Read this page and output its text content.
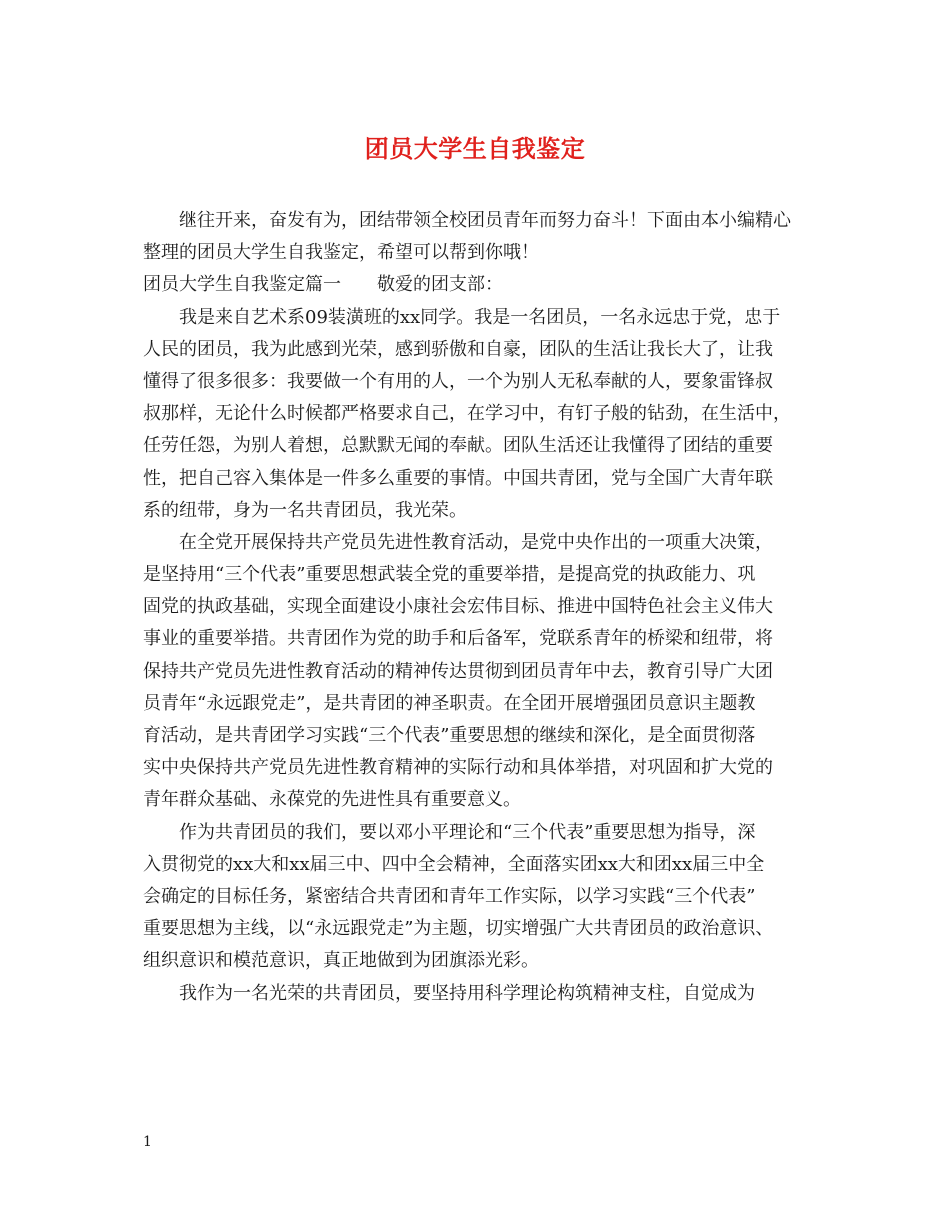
团员大学生自我鉴定
继往开来，奋发有为，团结带领全校团员青年而努力奋斗！下面由本小编精心
整理的团员大学生自我鉴定，希望可以帮到你哦！
团员大学生自我鉴定篇一　　敬爱的团支部：
我是来自艺术系09装潢班的xx同学。我是一名团员，一名永远忠于党，忠于
人民的团员，我为此感到光荣，感到骄傲和自豪，团队的生活让我长大了，让我
懂得了很多很多：我要做一个有用的人，一个为别人无私奉献的人，要象雷锋叔
叔那样，无论什么时候都严格要求自己，在学习中，有钉子般的钻劲，在生活中，
任劳任怨，为别人着想，总默默无闻的奉献。团队生活还让我懂得了团结的重要
性，把自己容入集体是一件多么重要的事情。中国共青团，党与全国广大青年联
系的纽带，身为一名共青团员，我光荣。
在全党开展保持共产党员先进性教育活动，是党中央作出的一项重大决策，
是坚持用“三个代表”重要思想武装全党的重要举措，是提高党的执政能力、巩
固党的执政基础，实现全面建设小康社会宏伟目标、推进中国特色社会主义伟大
事业的重要举措。共青团作为党的助手和后备军，党联系青年的桥梁和纽带，将
保持共产党员先进性教育活动的精神传达贯彻到团员青年中去，教育引导广大团
员青年“永远跟党走”，是共青团的神圣职责。在全团开展增强团员意识主题教
育活动，是共青团学习实践“三个代表”重要思想的继续和深化，是全面贯彻落
实中央保持共产党员先进性教育精神的实际行动和具体举措，对巩固和扩大党的
青年群众基础、永葆党的先进性具有重要意义。
作为共青团员的我们，要以邓小平理论和“三个代表”重要思想为指导，深
入贯彻党的xx大和xx届三中、四中全会精神，全面落实团xx大和团xx届三中全
会确定的目标任务，紧密结合共青团和青年工作实际，以学习实践“三个代表”
重要思想为主线，以“永远跟党走”为主题，切实增强广大共青团员的政治意识、
组织意识和模范意识，真正地做到为团旗添光彩。
我作为一名光荣的共青团员，要坚持用科学理论构筑精神支柱，自觉成为
1
